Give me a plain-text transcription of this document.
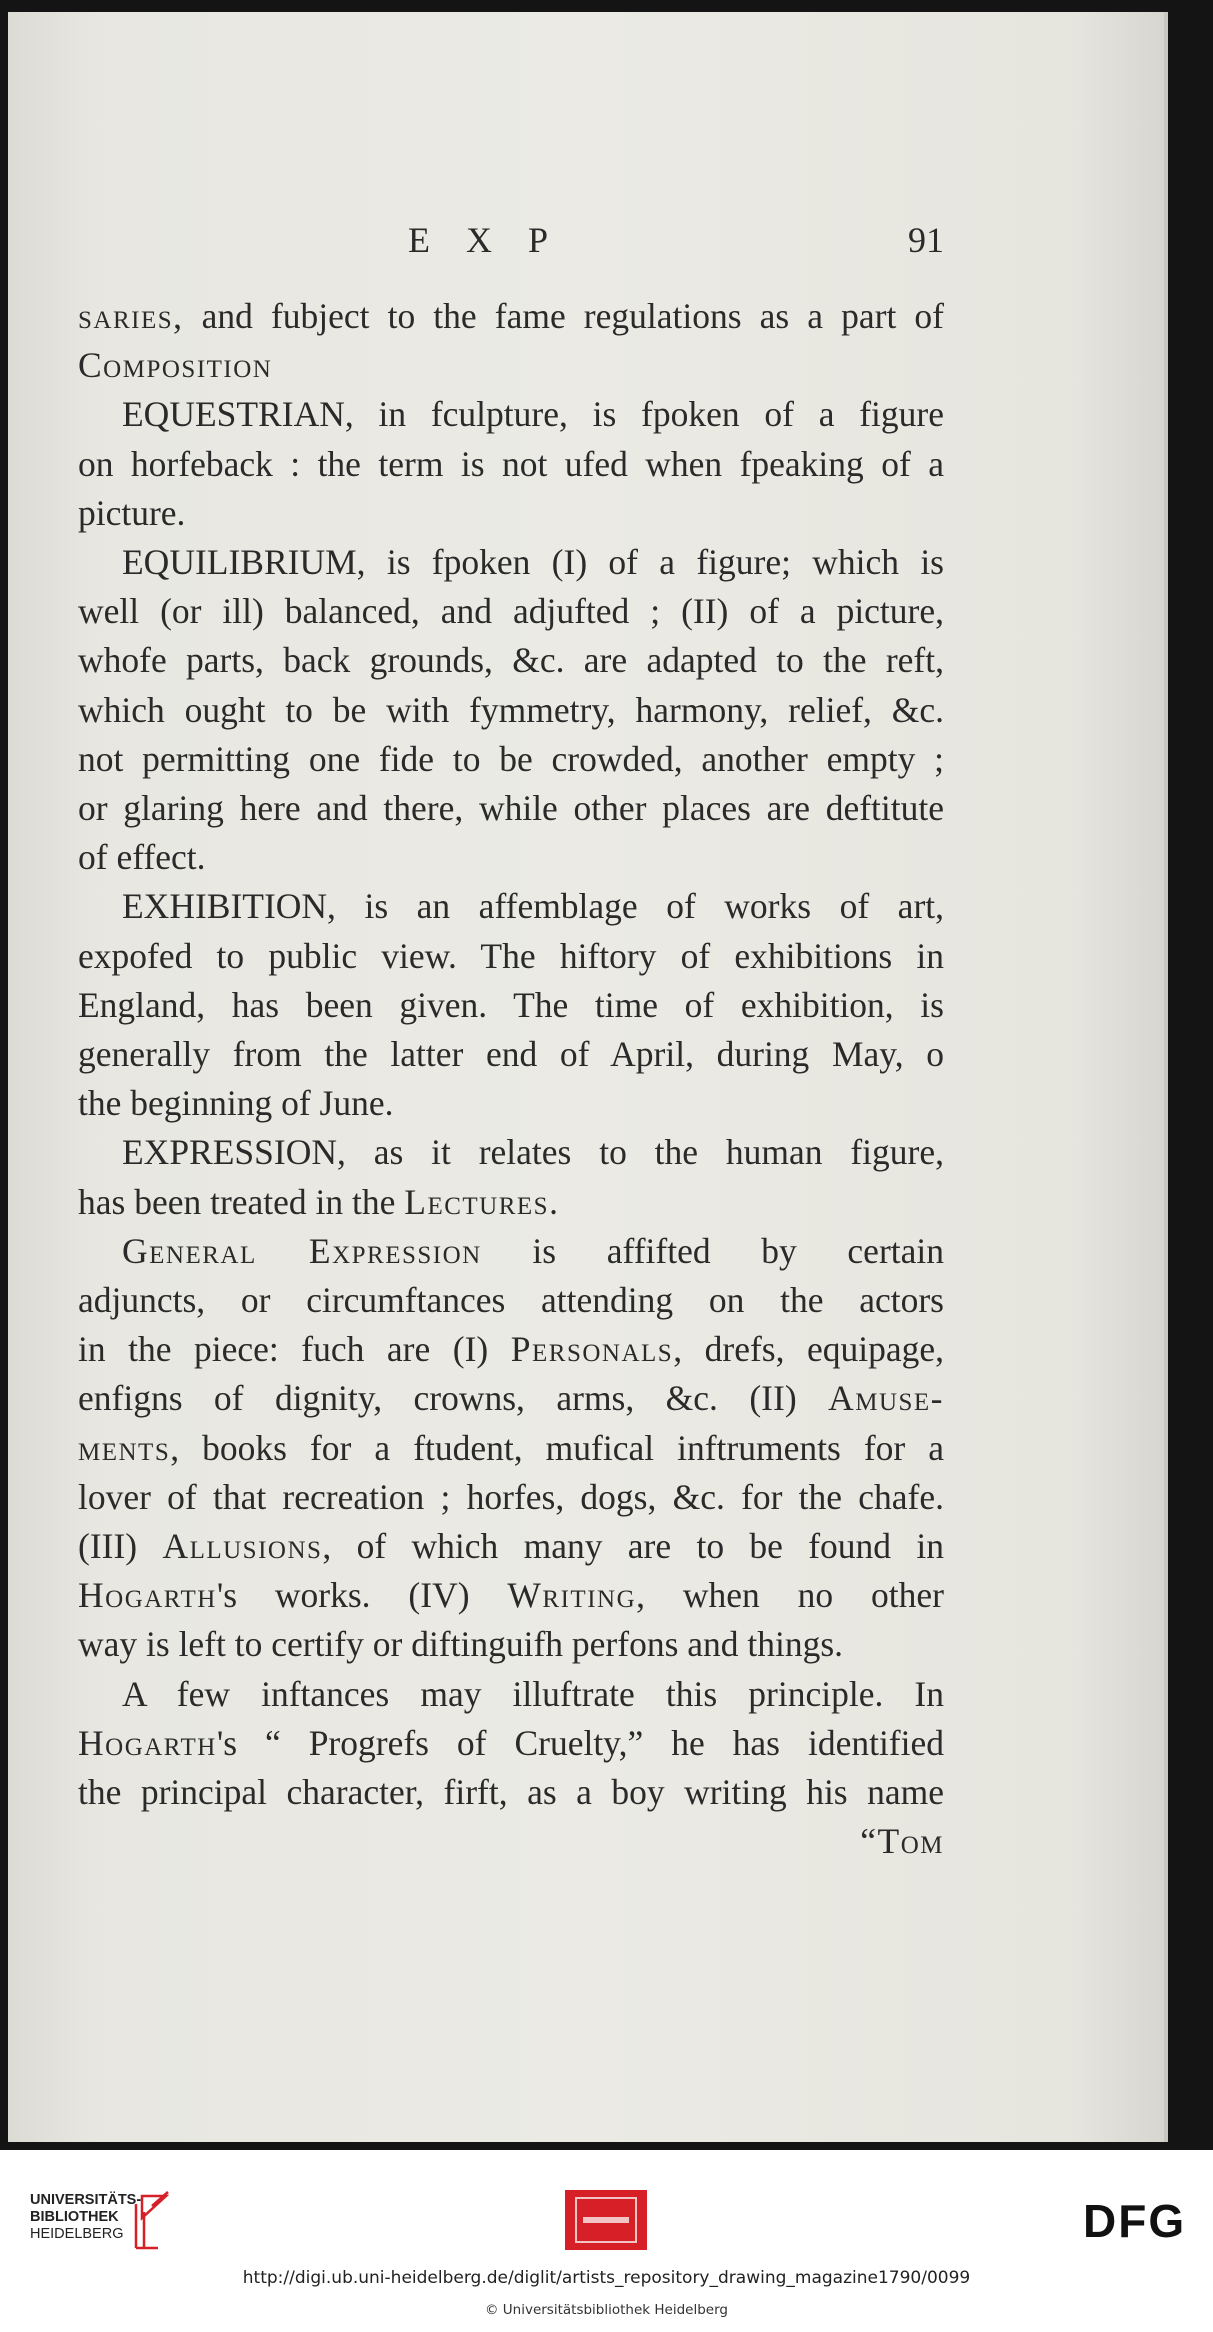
EXP	91

saries, and fubject to the fame regulations as a part of

Composition

EQUESTRIAN, in fculpture, is fpoken of a figure

on horfeback : the term is not ufed when fpeaking of a

picture.

EQUILIBRIUM, is fpoken (I) of a figure; which is

well (or ill) balanced, and adjufted ; (II) of a picture,

whofe parts, back grounds, &c. are adapted to the reft,

which ought to be with fymmetry, harmony, relief, &c.

not permitting one fide to be crowded, another empty ;

or glaring here and there, while other places are deftitute

of effect.

EXHIBITION, is an affemblage of works of art,

expofed to public view. The hiftory of exhibitions in

England, has been given. The time of exhibition, is

generally from the latter end of April, during May, o

the beginning of June.

EXPRESSION, as it relates to the human figure,

has been treated in the Lectures.

General Expression is affifted by certain

adjuncts, or circumftances attending on the actors

in the piece: fuch are (I) Personals, drefs, equipage,

enfigns of dignity, crowns, arms, &c. (II) Amuse-

ments, books for a ftudent, mufical inftruments for a

lover of that recreation ; horfes, dogs, &c. for the chafe.

(III) Allusions, of which many are to be found in

Hogarth's works. (IV) Writing, when no other

way is left to certify or diftinguifh perfons and things.

A few inftances may illuftrate this principle. In

Hogarth's “ Progrefs of Cruelty,” he has identified

the principal character, firft, as a boy writing his name

“Tom

UNIVERSITÄTS-
BIBLIOTHEK
HEIDELBERG	DFG
http://digi.ub.uni-heidelberg.de/diglit/artists_repository_drawing_magazine1790/0099
© Universitätsbibliothek Heidelberg
